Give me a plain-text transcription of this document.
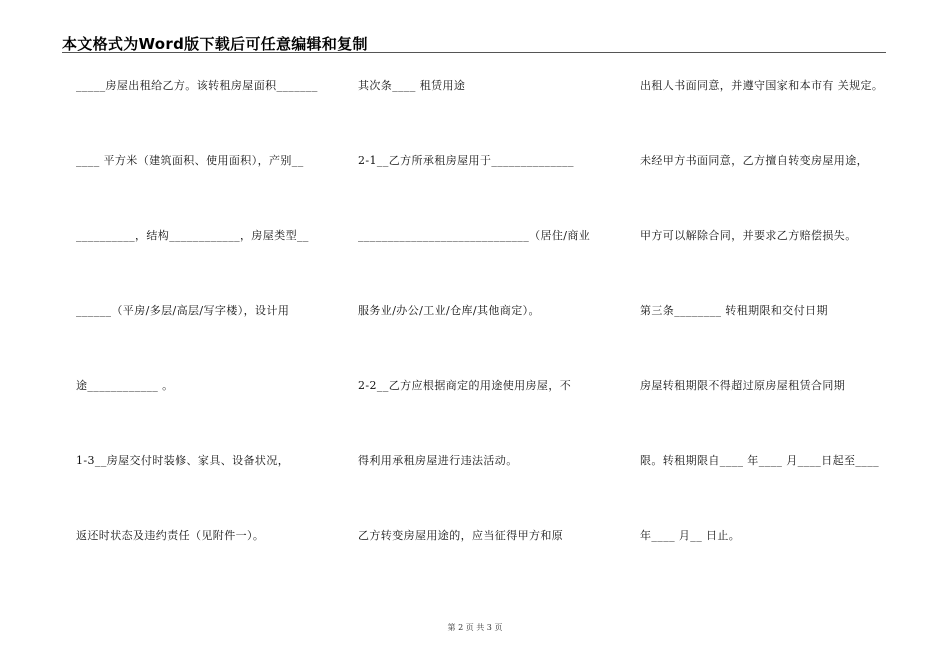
本文格式为Word版下载后可任意编辑和复制
_____房屋出租给乙方。该转租房屋面积_______
____ 平方米（建筑面积、使用面积），产别__
__________，结构____________，房屋类型__
______（平房/多层/高层/写字楼），设计用
途____________ 。
1-3__房屋交付时装修、家具、设备状况，
返还时状态及违约责任（见附件一）。
其次条____ 租赁用途
2-1__乙方所承租房屋用于______________
_____________________________（居住/商业
服务业/办公/工业/仓库/其他商定）。
2-2__乙方应根据商定的用途使用房屋，不
得利用承租房屋进行违法活动。
乙方转变房屋用途的，应当征得甲方和原
出租人书面同意，并遵守国家和本市有 关规定。
未经甲方书面同意，乙方擅自转变房屋用途，
甲方可以解除合同，并要求乙方赔偿损失。
第三条________ 转租期限和交付日期
房屋转租期限不得超过原房屋租赁合同期
限。转租期限自____ 年____ 月____日起至____
年____ 月__ 日止。
第 2 页 共 3 页
